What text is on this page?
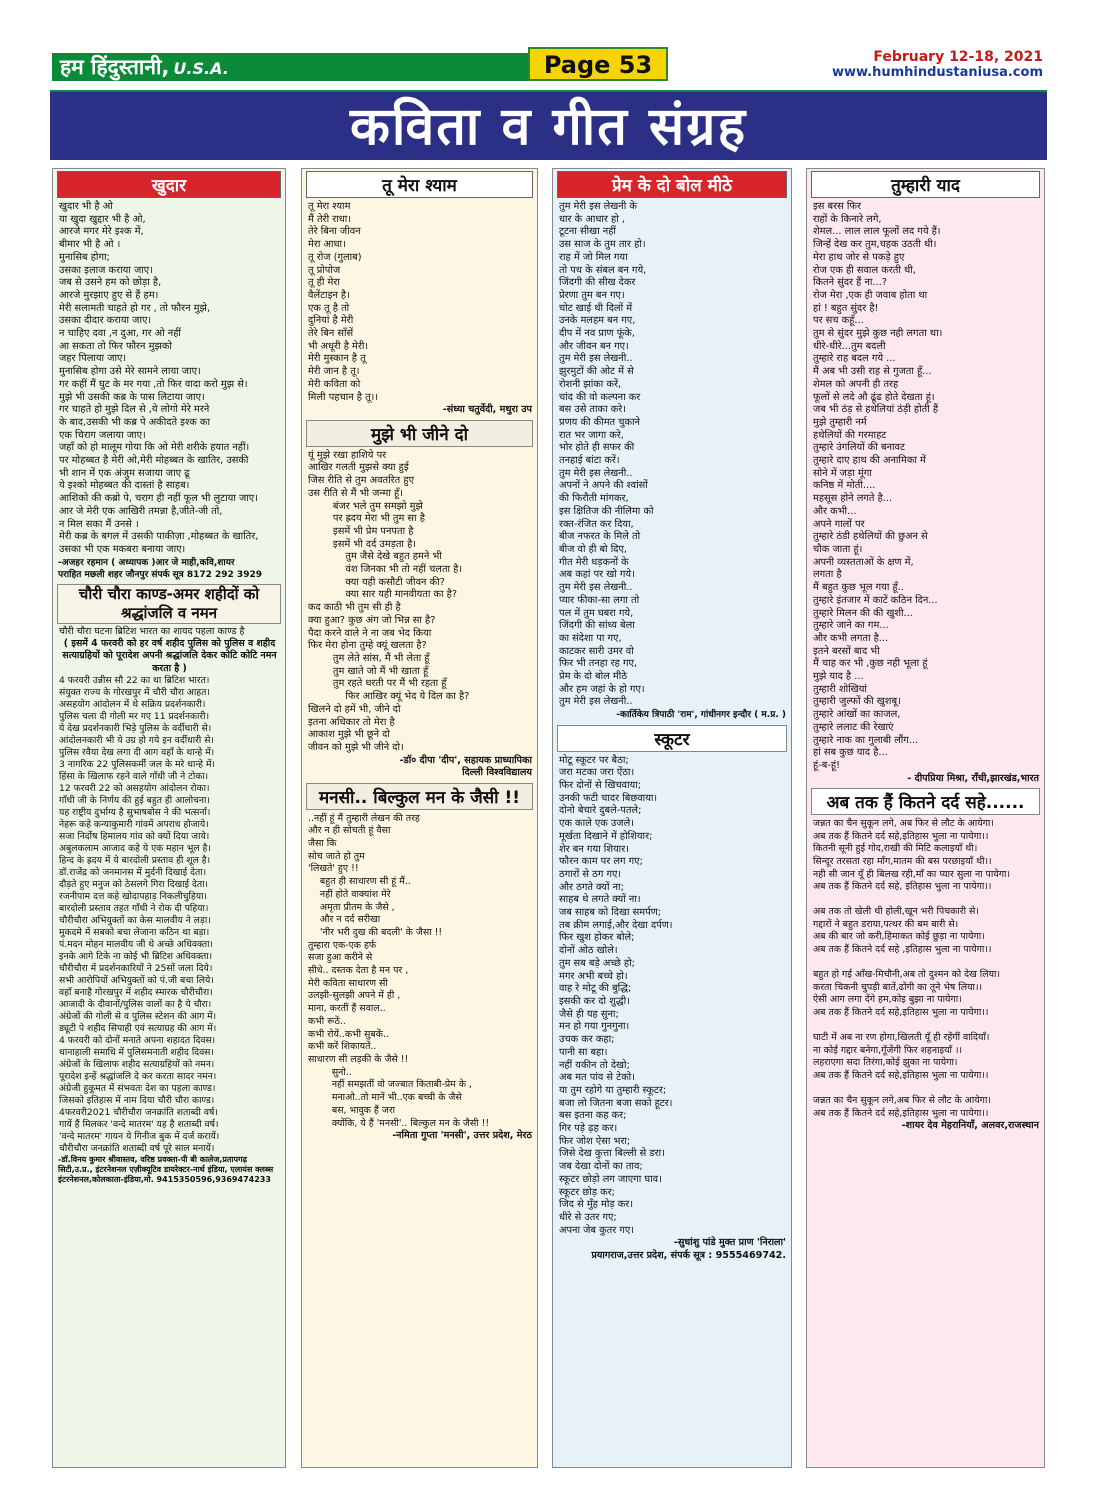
हम हिंदुस्तानी, U.S.A.	Page 53	February 12-18, 2021
www.humhindustaniusa.com
कविता व गीत संग्रह
खुदार
खुदार भी है ओ
या खुदा खुद्दार भी है ओ,
आरजे मगर मेरे इश्क में,
बीमार भी है ओ ।
मुनासिब होगा;
उसका इलाज कराया जाए।
जब से उसने हम को छोड़ा है,
आरजे मुरझाए हुए से हैं हम।
मेरी सलामती चाहते हो गर , तो फौरन मुझे,
उसका दीदार कराया जाए।
न चाहिए दवा ,न दुआ, गर ओ नहीं
आ सकता तो फिर फौरन मुझको
जहर पिलाया जाए।
मुनासिब होगा उसे मेरे सामने लाया जाए।
गर कहीं मैं घुट के मर गया ,तो फिर वादा करो मुझ से।
मुझे भी उसकी कब्र के पास लिटाया जाए।
गर चाहते हो मुझे दिल से ,ये लोगो मेरे मरने
के बाद,उसकी भी कब्र पे अकीदते इश्क का
एक चिराग जलाया जाए।
जहाँ को हो मालूम गोया कि ओ मेरी शरीके हयात नहीं।
पर मोहब्बत है मेरी ओ,मेरी मोहब्बत के खातिर, उसकी
भी शान में एक अंजुम सजाया जाए ढू
ये इश्को मोहब्बत की दास्तां है साहब।
आशिको की कब्रो पे, चराग ही नहीं फूल भी लुटाया जाए।
आर जे मेरी एक आखिरी तमन्ना है,जीते-जी तो,
न मिल सका मैं उनसे ।
मेरी कब्र के बगल में उसकी पाकीज़ा ,मोहब्बत के खातिर,
उसका भी एक मकबरा बनाया जाए।
-अजहर रहमान ( अध्यापक )आर जे माही,कवि,शायर
पराहित मछली शहर जौनपुर संपर्क सूत्र 8172 292 3929
चौरी चौरा काण्ड-अमर शहीदों को श्रद्धांजलि व नमन
चौरी चौरा घटना ब्रिटिश भारत का शायद पहला काण्ड है
( इसमें 4 फरवरी को हर वर्ष शहीद पुलिस को पुलिस व शहीद सत्याग्रहियों को पूरादेश अपनी श्रद्धांजलि देकर कोटि कोटि नमन करता है )
4 फरवरी उन्नीस सौ 22 का था ब्रिटिश भारत।
संयुक्त राज्य के गोरखपुर में चौरी चौरा आहत।
असहयोग आंदोलन में थे सक्रिय प्रदर्शनकारी।
पुलिस चला दी गोली मर गए 11 प्रदर्शनकारी।
ये देख प्रदर्शनकारी भिड़े पुलिस के वर्दीधारी से।
आंदोलनकारी भी ये उग्र हो गये इन वर्दीधारी से।
पुलिस रवैया देख लगा दी आग वहाँ के थान्हे में।
3 नागरिक 22 पुलिसकर्मी जल के मरे थान्हे में।
हिंसा के खिलाफ रहने वाले गाँधी जी ने टोका।
12 फरवरी 22 को असहयोग आंदोलन रोका।
गाँधी जी के निर्णय की हुई बहुत ही आलोचना।
यह राष्ट्रीय दुर्भाग्य है सुभाषबोस ने की भत्सर्ना।
नेहरू कहे कन्याकुमारी गांवमें अपराध होजाये।
सजा निर्दोष हिमालय गांव को क्यों दिया जाये।
अबुलकलाम आजाद कहे ये एक महान भूल है।
हिन्द के ह्रदय में ये बारदोली प्रस्ताव ही शूल है।
डॉ.राजेंद्र को जनमानस में मुर्दनी दिखाई देता।
दौड़ते हुए मनुज को ठेसलगे गिरा दिखाई देता।
रजनीपाम दत्त कहे खोदापहाड़ निकलीचुहिया।
बारदोली प्रस्ताव तहत गाँधी ने रोक दी पहिया।
चौरीचौरा अभियुक्तों का केस मालवीय ने लड़ा।
मुकदमे में सबको बचा लेजाना कठिन था बड़ा।
पं.मदन मोहन मालवीय जी थे अच्छे अधिवक्ता।
इनके आगे टिके ना कोई भी ब्रिटिश अधिवक्ता।
चौरीचौरा में प्रदर्शनकारियों ने 25सों जला दिये।
सभी आरोपियों अभियुक्तों को पं.जी बचा लिये।
वहाँ बनाहै गोरखपुर में शहीद स्मारक चौरीचौरा।
आजादी के दीवानों/पुलिस वालों का है ये चौरा।
अंग्रेजों की गोली से व पुलिस स्टेशन की आग में।
ड्यूटी पे शहीद सिपाही एवं सत्याग्रह की आग में।
4 फरवरी को दोनों मनाते अपना शहादत दिवस।
थानाहाली समाधि में पुलिसमनाती शहीद दिवस।
अंग्रेजों के खिलाफ शहीद सत्याग्रहियों को नमन।
पूरादेश इन्हें श्रद्धांजलि दे कर करता सादर नमन।
अंग्रेजी हुकूमत में संभवतः देश का पहला काण्ड।
जिसको इतिहास में नाम दिया चौरी चौरा काण्ड।
4फरवरी2021 चौरीचौरा जनक्रांति शताब्दी वर्ष।
गायें हैं मिलकर 'वन्दे मातरम' यह है शताब्दी वर्ष।
'वन्दे मातरम' गायन ये गिनीज बुक में दर्ज करायें।
चौरीचौरा जनक्रांति शताब्दी वर्ष पूरे साल मनायें।
-डॉ.विनय कुमार श्रीवास्तव, वरिष्ठ प्रवक्ता-पी बी कालेज,प्रतापगढ़ सिटी,उ.प्र., इंटरनेशनल एज़ीक्यूटिव डायरेक्टर-नार्थ इंडिया, एलायंस क्लब्स इंटरनेशनल,कोलकाता-इंडिया,मो. 9415350596,9369474233
तू मेरा श्याम
तू मेरा श्याम
मैं तेरी राधा।
तेरे बिना जीवन
मेरा आधा।
तू रोज (गुलाब)
तू प्रोपोज
तू ही मेरा
वैलेंटाइन है।
एक तू है तो
दुनियां है मेरी
तेरे बिन साँसें
भी अधूरी है मेरी।
मेरी मुस्कान है तू
मेरी जान है तू।
मेरी कविता को
मिली पहचान है तू।।
-संध्या चतुर्वेदी, मथुरा उप
मुझे भी जीने दो
यूं मुझे रखा हाशिये पर
आखिर गलती मुझसे क्या हुई
जिस रीति से तुम अवतरित हुए
उस रीति से मैं भी जन्मा हूँ।
बंजर भले तुम समझो मुझे
पर ह्रदय मेरा भी तुम सा है
इसमें भी प्रेम पनपता है
इसमें भी दर्द उमड़ता है।
तुम जैसे देखे बहुत हमने भी
वंश जिनका भी तो नहीं चलता है।
क्या यही कसौटी जीवन की?
क्या सार यही मानवीयता का है?
कद काठी भी तुम सी ही है
क्या हुआ? कुछ अंग जो भिन्न सा है?
पैदा करने वाले ने ना जब भेद किया
फिर मेरा होना तुम्हे क्यूं खलता है?
तुम लेते सांस, मैं भी लेता हूँ
तुम खाते जो मैं भी खाता हूँ
तुम रहते धरती पर मैं भी रहता हूँ
फिर आखिर क्यूं भेद ये दिल का है?
खिलने दो हमें भी, जीने दो
इतना अधिकार तो मेरा है
आकाश मुझे भी छूने दो
जीवन को मुझे भी जीने दो।
-डॉ० दीपा 'दीप', सहायक प्राध्यापिका
दिल्ली विश्वविद्यालय
मनसी.. बिल्कुल मन के जैसी !!
..नहीं हूं मैं तुम्हारी लेखन की तरह
और न ही सोचती हूं वैसा
जैसा कि
सोच जाते हो तुम
'लिखते' हुए !!
बहुत ही साधारण सी हूं मैं..
नहीं होते वाक्यांश मेरे
अमृता प्रीतम के जैसे ,
और न दर्द सरीखा
'नीर भरी दुख की बदली' के जैसा !!
तुम्हारा एक-एक हर्फ
सजा हुआ करीने से
सीधे.. दस्तक देता है मन पर ,
मेरी कविता साधारण सी
उलझी-सुलझी अपने में ही ,
माना, करतीं हैं सवाल..
कभी रूठें..
कभी रोयें..कभी सुबकें..
कभी करें शिकायतें..
साधारण सी लड़की के जैसे !!
सुनो..
नहीं समझतीं वो जज्बात किताबी-प्रेम के ,
मनाओ..तो मानें भी..एक बच्ची के जैसे
बस, भावुक हैं जरा
क्योंकि, ये हैं 'मनसी'.. बिल्कुल मन के जैसी !!
-नमिता गुप्ता 'मनसी', उत्तर प्रदेश, मेरठ
प्रेम के दो बोल मीठे
तुम मेरी इस लेखनी के
धार के आधार हो ,
टूटना सीखा नहीं
उस साज के तुम तार हो।
राह में जो मिल गया
तो पथ के संबल बन गये,
जिंदगी की सीख देकर
प्रेरणा तुम बन गए।
चोट खाई थी दिलों में
उनके मलहम बन गए,
दीप में नव प्राण फूंके,
और जीवन बन गए।
तुम मेरी इस लेखनी..
झुरमुटों की ओट में से
रोशनी झांका करें,
चांद की वो कल्पना कर
बस उसे ताका करे।
प्रणय की कीमत चुकाने
रात भर जागा करे,
भोर होते ही सफर की
तनहाई बांटा करें।
तुम मेरी इस लेखनी..
अपनों ने अपने की श्वांसों
की फिरौती मांगकर,
इस क्षितिज की नीलिमा को
रक्त-रंजित कर दिया,
बीज नफरत के मिले तो
बीज वो ही बो दिए,
गीत मेरी धड़कनों के
अब कहां पर खो गये।
तुम मेरी इस लेखनी..
प्यार फीका-सा लगा तो
पल में तुम घबरा गये,
जिंदगी की सांध्य बेला
का संदेशा पा गए,
काटकर सारी उमर वो
फिर भी तनहा रह गए,
प्रेम के दो बोल मीठे
और हम जहां के हो गए।
तुम मेरी इस लेखनी..
-कार्तिकेय त्रिपाठी 'राम', गांधीनगर इन्दौर ( म.प्र. )
स्कूटर
मोटू स्कूटर पर बैठा;
जरा मटका जरा ऐंठा।
फिर दोनों से खिचवाया;
उनकी फटी चादर बिछवाया।
दोनो बेचारे दुबले-पतले;
एक काले एक उजले।
मूर्खता दिखाने में होशियार;
शेर बन गया शियार।
फौरन काम पर लग गए;
ठगारों से ठग गए।
और ठगते क्यों ना;
साहब थे लगते क्यों ना।
जब साहब को दिखा समर्पण;
तब क्रीम लगाई,और देखा दर्पण।
फिर खुश होकर बोले;
दोनों ओठ खोले।
तुम सब बड़े अच्छे हो;
मगर अभी बच्चे हो।
वाह रे मोटू की बुद्धि;
इसकी कर दो शुद्धी।
जैसे ही यह सुना;
मन हो गया गुनगुना।
उचक कर कहा;
पानी सा बहा।
नहीं यकीन तो देखो;
अब मत पांव से टेको।
या तुम रहोगे या तुम्हारी स्कूटर;
बजा लो जितना बजा सको हूटर।
बस इतना कह कर;
गिर पड़े ढ़ह कर।
फिर जोश ऐसा भरा;
जिसे देख कुत्ता बिल्ली से डरा।
जब देखा दोनों का ताव;
स्कूटर छोड़ो लग जाएगा घाव।
स्कूटर छोड़ कर;
जिद से मुँह मोड़ कर।
धीरे से उतर गए;
अपना जेब कुतर गए।
-सुधांशु पांडे मुक्त प्राण 'निराला'
प्रयागराज,उत्तर प्रदेश, संपर्क सूत्र : 9555469742.
तुम्हारी याद
इस बरस फिर
राहों के किनारे लगे,
शेमल... लाल लाल फूलों लद गये हैं।
जिन्हें देख कर तुम,चहक उठती थी।
मेरा हाथ जोर से पकड़े हुए
रोज एक ही सवाल करती थी,
कितने सुंदर हैं ना...?
रोज मेरा ,एक ही जवाब होता था
हां ! बहुत सुंदर है!
पर सच कहूँ...
तुम से सुंदर मुझे कुछ नही लगता था।
धीरे-धीरे...तुम बदली
तुम्हारे राह बदल गये ...
मैं अब भी उसी राह से गुजता हूँ...
शेमल को अपनी ही तरह
फूलों से लदे औ ढूंढ होते देखता हूं।
जब भी ठंड़ से हथेलियां ठंड़ी होती हैं
मुझे तुम्हारी नर्म
हथेलियों की गरमाहट
तुम्हारे उंगलियों की बनावट
तुम्हारे दाए हाथ की अनामिका में
सोने में जड़ा मूंगा
कनिष्ठ में मोती....
महसूस होने लगते है...
और कभी...
अपने गालों पर
तुम्हारे ठंडी हथेलियों की छुअन से
चौक जाता हूं।
अपनी व्यस्तताओं के क्षण में,
लगता है
मैं बहुत कुछ भूल गया हूँ..
तुम्हारे इंतजार में काटें कठिन दिन...
तुम्हारे मिलन की की खुशी...
तुम्हारे जाने का गम...
और कभी लगता है...
इतने बरसों बाद भी
मैं चाह कर भी ,कुछ नही भूला हूं
मुझे याद है ...
तुम्हारी शोखियां
तुम्हारी जुल्फों की खुशबू।
तुम्हारे आंखों का काजल,
तुम्हारे ललाट की रेखाएं
तुम्हारे नाक का गुलाबी लौंग...
हां सब कुछ याद है...
हूं-ब-हूं!
- दीपप्रिया मिश्रा, राँची,झारखंड,भारत
अब तक हैं कितने दर्द सहे......
जन्नत का चैन सुकून लगे, अब फिर से लौट के आयेगा।
अब तक हैं कितने दर्द सहे,इतिहास भुला ना पायेगा।।
कितनी सूनी हुई गोद,राखी की मिटि कलाइयाँ थी।
सिन्दूर तरसता रहा माँग,मातम की बस परछाइयाँ थी।।
नही सी जान यूँ ही बिलख रही,माँ का प्यार सुला ना पायेगा।
अब तक हैं कितने दर्द सहे, इतिहास भुला ना पायेगा।।

अब तक तो खेली थी होली,खून भरी पिचकारी से।
गद्दारों ने बहुत डराया,पत्थर की बम बारी से।
अब की बार जो करी,हिमाकत कोई छुड़ा ना पायेगा।
अब तक हैं कितने दर्द सहे ,इतिहास भुला ना पायेगा।।

बहुत हो गई आँख-मिचौनी,अब तो दुश्मन को देख लिया।
करता चिकनी चुपड़ी बातें,ढोंगी का तूने भेष लिया।।
ऐसी आग लगा देंगे हम,कोइ बुझा ना पायेगा।
अब तक हैं कितने दर्द सहे,इतिहास भुला ना पायेगा।।

घाटी में अब ना रण होगा,खिलती यूँ ही रहेंगीं वादियाँ।
ना कोई गद्दार बनेगा,गूँजेंगी फिर शहनाइयाँ ।।
लहराएगा सदा तिरंगा,कोई झुका ना पायेगा।
अब तक हैं कितने दर्द सहे,इतिहास भुला ना पायेगा।।

जन्नत का चैन सुकून लगे,अब फिर से लौट के आयेगा।
अब तक हैं कितने दर्द सहे,इतिहास भुला ना पायेगा।।
-शायर देव मेहरानियाँ, अलवर,राजस्थान
